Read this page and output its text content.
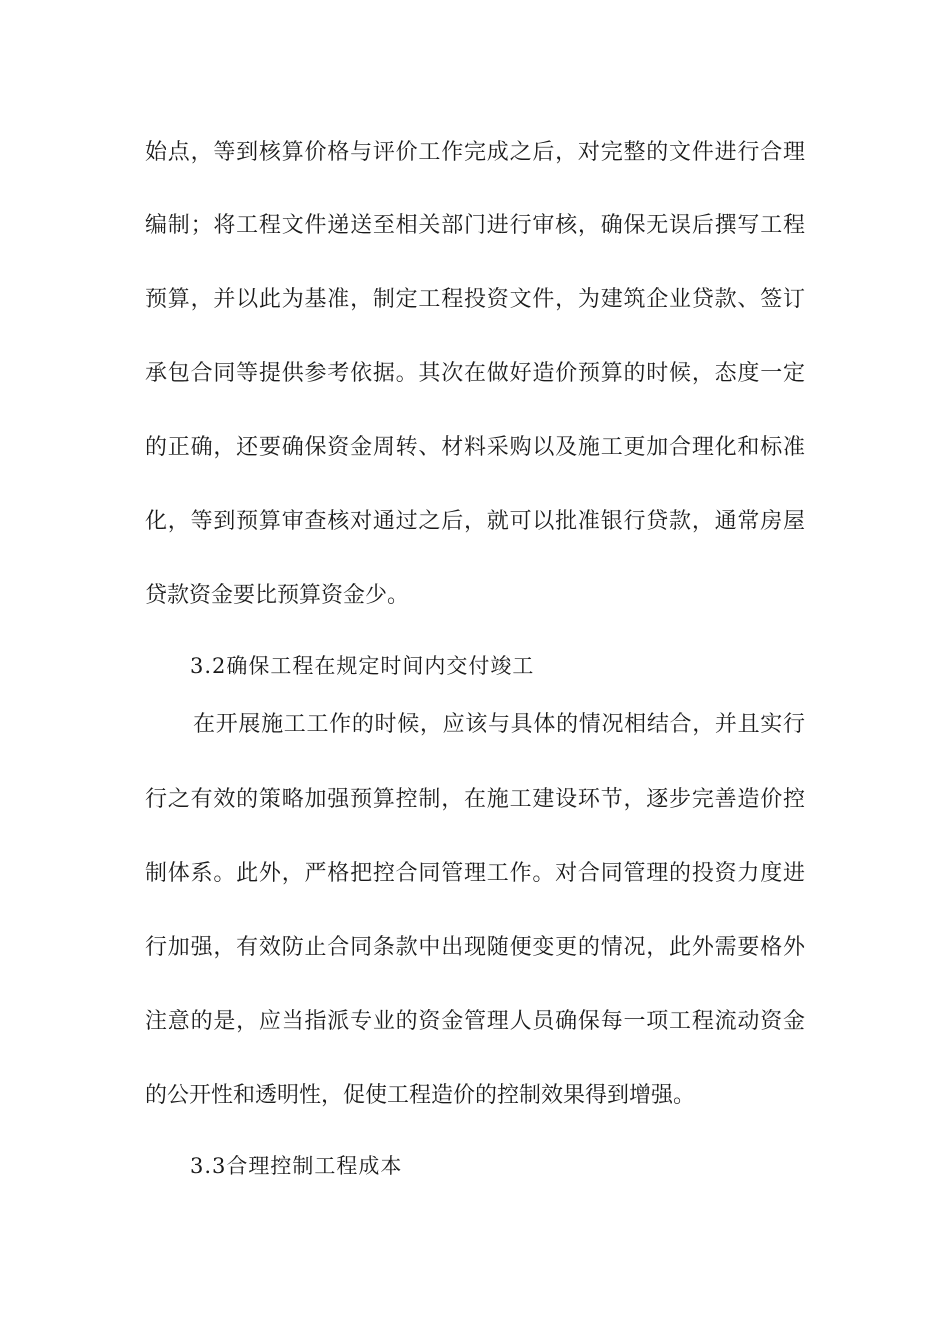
始点，等到核算价格与评价工作完成之后，对完整的文件进行合理
编制；将工程文件递送至相关部门进行审核，确保无误后撰写工程
预算，并以此为基准，制定工程投资文件，为建筑企业贷款、签订
承包合同等提供参考依据。其次在做好造价预算的时候，态度一定
的正确，还要确保资金周转、材料采购以及施工更加合理化和标准
化，等到预算审查核对通过之后，就可以批准银行贷款，通常房屋
贷款资金要比预算资金少。
3.2确保工程在规定时间内交付竣工
在开展施工工作的时候，应该与具体的情况相结合，并且实行
行之有效的策略加强预算控制，在施工建设环节，逐步完善造价控
制体系。此外，严格把控合同管理工作。对合同管理的投资力度进
行加强，有效防止合同条款中出现随便变更的情况，此外需要格外
注意的是，应当指派专业的资金管理人员确保每一项工程流动资金
的公开性和透明性，促使工程造价的控制效果得到增强。
3.3合理控制工程成本
